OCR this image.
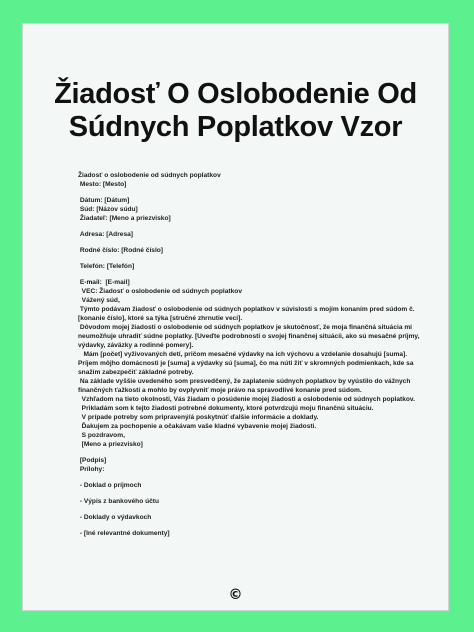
Žiadosť O Oslobodenie Od
Súdnych Poplatkov Vzor

Žiadosť o oslobodenie od súdnych poplatkov

Mesto: [Mesto]

Dátum: [Dátum]

Súd: [Názov súdu]

Žiadateľ: [Meno a priezvisko]

Adresa: [Adresa]

Rodné číslo: [Rodné číslo]

Telefón: [Telefón]

E-mail:  [E-mail]

VEC: Žiadosť o oslobodenie od súdnych poplatkov

Vážený súd,

Týmto podávam žiadosť o oslobodenie od súdnych poplatkov v súvislosti s mojím konaním pred súdom č. [konanie číslo], ktoré sa týka [stručné zhrnutie veci].

Dôvodom mojej žiadosti o oslobodenie od súdnych poplatkov je skutočnosť, že moja finančná situácia mi neumožňuje uhradiť súdne poplatky. [Uveďte podrobnosti o svojej finančnej situácii, ako sú mesačné príjmy, výdavky, záväzky a rodinné pomery].

Mám [počet] vyživovaných detí, pričom mesačné výdavky na ich výchovu a vzdelanie dosahujú [suma]. Príjem môjho domácnosti je [suma] a výdavky sú [suma], čo ma núti žiť v skromných podmienkach, kde sa snažím zabezpečiť základné potreby.

Na základe vyššie uvedeného som presvedčený, že zaplatenie súdnych poplatkov by vyústilo do vážnych finančných ťažkostí a mohlo by ovplyvniť moje právo na spravodlivé konanie pred súdom.

Vzhľadom na tieto okolnosti, Vás žiadam o posúdenie mojej žiadosti a oslobodenie od súdnych poplatkov.

Prikladám som k tejto žiadosti potrebné dokumenty, ktoré potvrdzujú moju finančnú situáciu.

V prípade potreby som pripravený/á poskytnúť ďalšie informácie a doklady.

Ďakujem za pochopenie a očakávam vaše kladné vybavenie mojej žiadosti.

S pozdravom,

[Meno a priezvisko]

[Podpis]

Prílohy:

- Doklad o príjmoch

- Výpis z bankového účtu

- Doklady o výdavkoch

- [Iné relevantné dokumenty]

©
